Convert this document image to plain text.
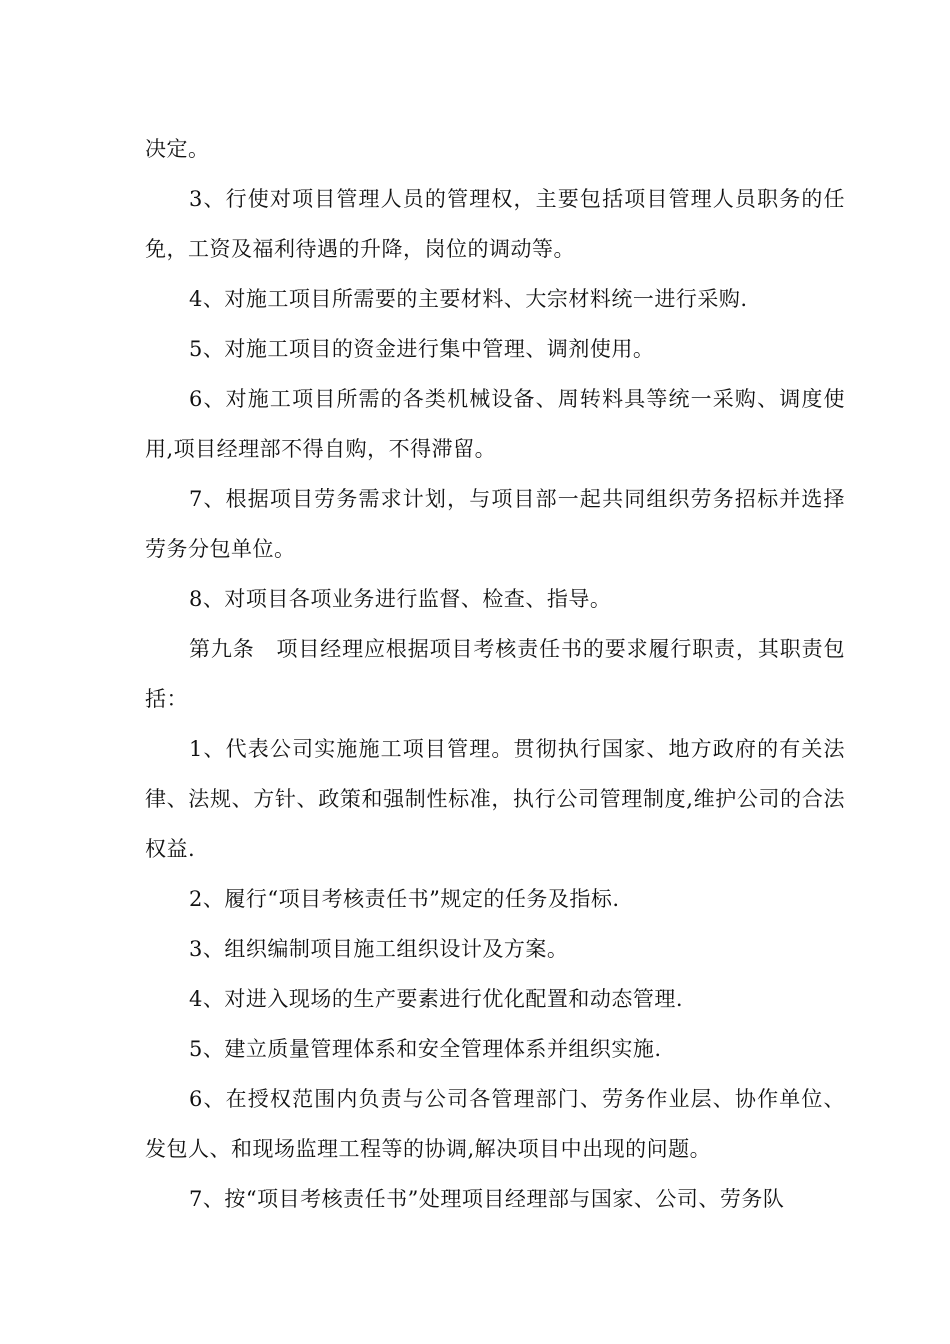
决定。

3、行使对项目管理人员的管理权，主要包括项目管理人员职务的任免，工资及福利待遇的升降，岗位的调动等。

4、对施工项目所需要的主要材料、大宗材料统一进行采购.

5、对施工项目的资金进行集中管理、调剂使用。

6、对施工项目所需的各类机械设备、周转料具等统一采购、调度使用,项目经理部不得自购，不得滞留。

7、根据项目劳务需求计划，与项目部一起共同组织劳务招标并选择劳务分包单位。

8、对项目各项业务进行监督、检查、指导。

第九条　项目经理应根据项目考核责任书的要求履行职责，其职责包括：

1、代表公司实施施工项目管理。贯彻执行国家、地方政府的有关法律、法规、方针、政策和强制性标准，执行公司管理制度,维护公司的合法权益.

2、履行“项目考核责任书”规定的任务及指标.

3、组织编制项目施工组织设计及方案。

4、对进入现场的生产要素进行优化配置和动态管理.

5、建立质量管理体系和安全管理体系并组织实施.

6、在授权范围内负责与公司各管理部门、劳务作业层、协作单位、发包人、和现场监理工程等的协调,解决项目中出现的问题。

7、按“项目考核责任书”处理项目经理部与国家、公司、劳务队
